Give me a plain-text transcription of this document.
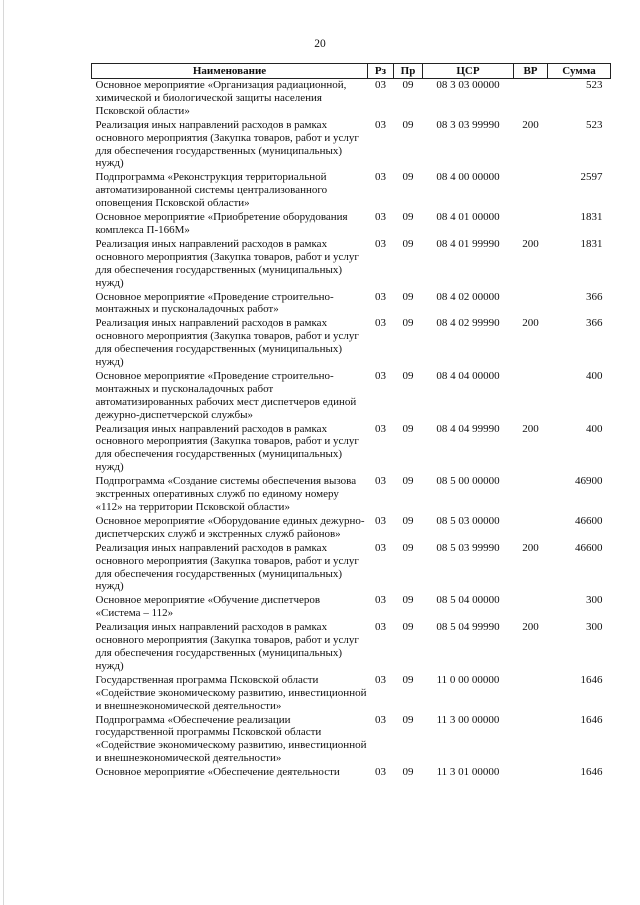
20
Наименование	Рз	Пр	ЦСР	ВР	Сумма
Основное мероприятие «Организация радиационной, химической и биологической защиты населения Псковской области»	03	09	08 3 03 00000		523
Реализация иных направлений расходов в рамках основного мероприятия (Закупка товаров, работ и услуг для обеспечения государственных (муниципальных) нужд)	03	09	08 3 03 99990	200	523
Подпрограмма «Реконструкция территориальной автоматизированной системы централизованного оповещения Псковской области»	03	09	08 4 00 00000		2597
Основное мероприятие «Приобретение оборудования комплекса П-166М»	03	09	08 4 01 00000		1831
Реализация иных направлений расходов в рамках основного мероприятия (Закупка товаров, работ и услуг для обеспечения государственных (муниципальных) нужд)	03	09	08 4 01 99990	200	1831
Основное мероприятие «Проведение строительно-монтажных и пусконаладочных работ»	03	09	08 4 02 00000		366
Реализация иных направлений расходов в рамках основного мероприятия (Закупка товаров, работ и услуг для обеспечения государственных (муниципальных) нужд)	03	09	08 4 02 99990	200	366
Основное мероприятие «Проведение строительно-монтажных и пусконаладочных работ автоматизированных рабочих мест диспетчеров единой дежурно-диспетчерской службы»	03	09	08 4 04 00000		400
Реализация иных направлений расходов в рамках основного мероприятия (Закупка товаров, работ и услуг для обеспечения государственных (муниципальных) нужд)	03	09	08 4 04 99990	200	400
Подпрограмма «Создание системы обеспечения вызова экстренных оперативных служб по единому номеру «112» на территории Псковской области»	03	09	08 5 00 00000		46900
Основное мероприятие «Оборудование единых дежурно-диспетчерских служб и экстренных служб районов»	03	09	08 5 03 00000		46600
Реализация иных направлений расходов в рамках основного мероприятия (Закупка товаров, работ и услуг для обеспечения государственных (муниципальных) нужд)	03	09	08 5 03 99990	200	46600
Основное мероприятие «Обучение диспетчеров «Система – 112»	03	09	08 5 04 00000		300
Реализация иных направлений расходов в рамках основного мероприятия (Закупка товаров, работ и услуг для обеспечения государственных (муниципальных) нужд)	03	09	08 5 04 99990	200	300
Государственная программа Псковской области «Содействие экономическому развитию, инвестиционной и внешнеэкономической деятельности»	03	09	11 0 00 00000		1646
Подпрограмма «Обеспечение реализации государственной программы Псковской области «Содействие экономическому развитию, инвестиционной и внешнеэкономической деятельности»	03	09	11 3 00 00000		1646
Основное мероприятие «Обеспечение деятельности	03	09	11 3 01 00000		1646
